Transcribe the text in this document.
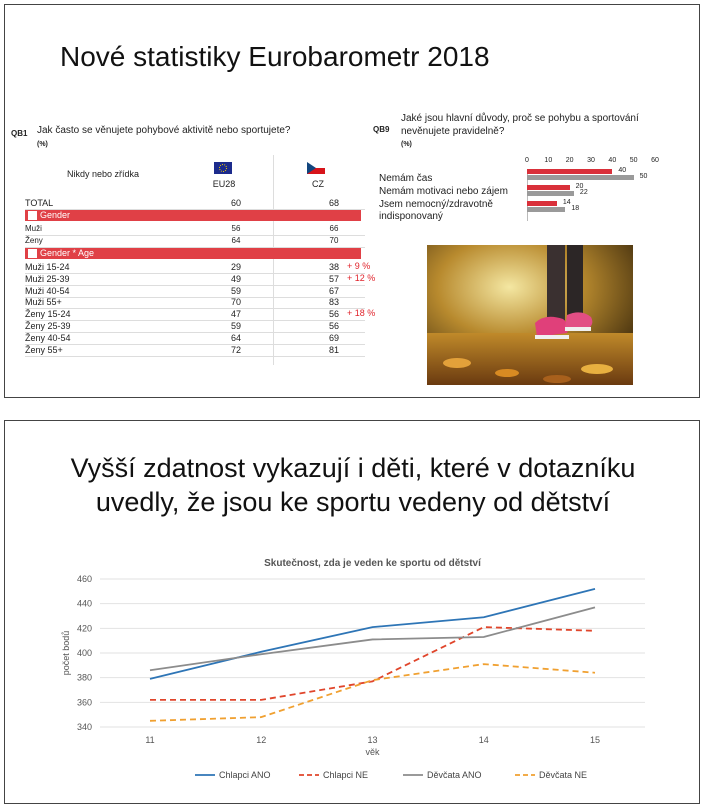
Nové statistiky Eurobarometr 2018
QB1 Jak často se věnujete pohybové aktivitě nebo sportujete?
(%)
Nikdy nebo zřídka
EU28	CZ
TOTAL	60	68
Gender
Muži	56	66
Ženy	64	70
Gender * Age
QB9
Jaké jsou hlavní důvody, proč se pohybu a sportování
nevěnujete pravidelně?
(%)
Muži 15-24	29	38 + 9 %
Muži 25-39	49	57 + 12 %
Muži 40-54	59	67
Muži 55+	70	83
Ženy 15-24	47	56 + 18 %
Ženy 25-39	59	56
Ženy 40-54	64	69
Ženy 55+	72	81
0	10 20 30 40 50 60
Nemám čas
40
50
Nemám motivaci nebo zájem	20
22
Jsem nemocný/zdravotně
indisponovaný
14
18
Vyšší zdatnost vykazují i děti, které v dotazníku
uvedly, že jsou ke sportu vedeny od dětství
Skutečnost, zda je veden ke sportu od dětství
340
360
380
400
420
440
460
11	12	13	14	15
věk
počet bodů
Chlapci ANO	Chlapci NE	Děvčata ANO	Děvčata NE
